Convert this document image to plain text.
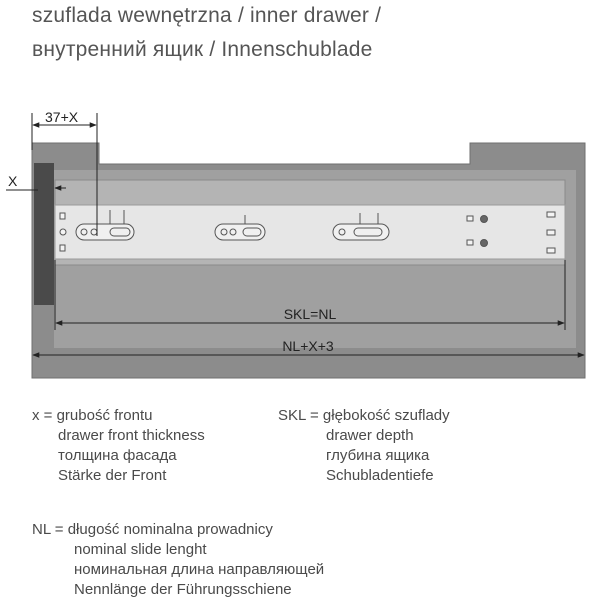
szuflada wewnętrzna / inner drawer /
внутренний ящик / Innenschublade
37+X
X
SKL=NL
NL+X+3
x = grubość frontu
drawer front thickness
толщина фасада
Stärke der Front
SKL = głębokość szuflady
drawer depth
глубина ящика
Schubladentiefe
NL = długość nominalna prowadnicy
nominal slide lenght
номинальная длина направляющей
Nennlänge der Führungsschiene
